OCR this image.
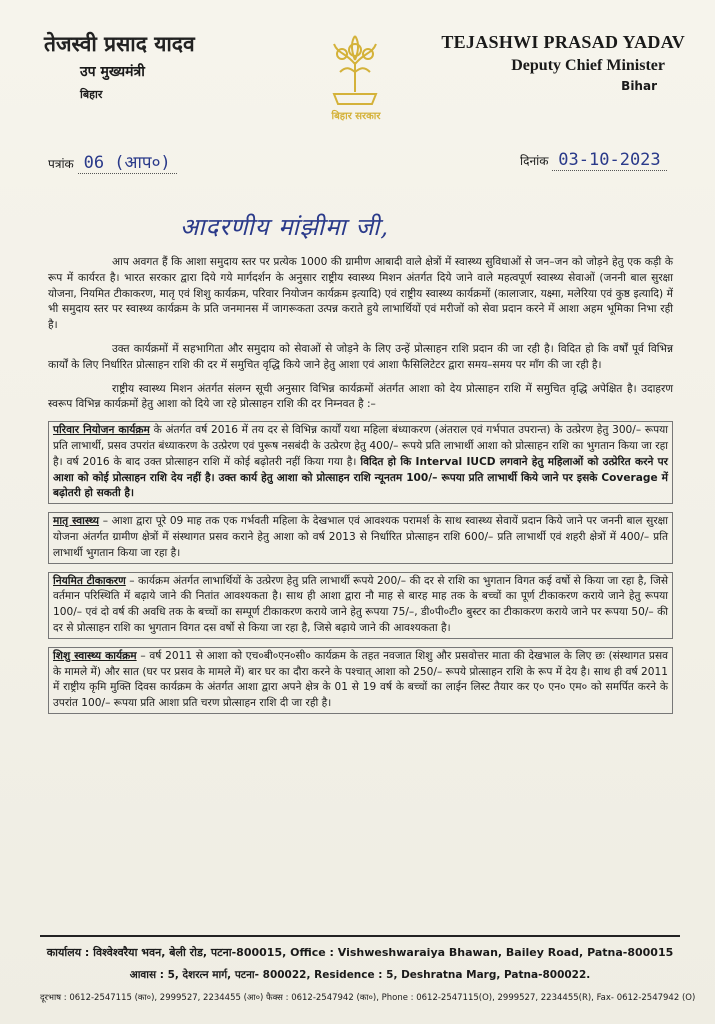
तेजस्वी प्रसाद यादव
उप मुख्यमंत्री
बिहार
बिहार सरकार
TEJASHWI PRASAD YADAV
Deputy Chief Minister
Bihar
पत्रांक 06 (आप०)	दिनांक 03-10-2023
आदरणीय मांझीमा जी,

आप अवगत हैं कि आशा समुदाय स्तर पर प्रत्येक 1000 की ग्रामीण आबादी वाले क्षेत्रों में स्वास्थ्य सुविधाओं से जन–जन को जोड़ने हेतु एक कड़ी के रूप में कार्यरत है। भारत सरकार द्वारा दिये गये मार्गदर्शन के अनुसार राष्ट्रीय स्वास्थ्य मिशन अंतर्गत दिये जाने वाले महत्वपूर्ण स्वास्थ्य सेवाओं (जननी बाल सुरक्षा योजना, नियमित टीकाकरण, मातृ एवं शिशु कार्यक्रम, परिवार नियोजन कार्यक्रम इत्यादि) एवं राष्ट्रीय स्वास्थ्य कार्यक्रमों (कालाजार, यक्ष्मा, मलेरिया एवं कुष्ठ इत्यादि) में भी समुदाय स्तर पर स्वास्थ्य कार्यक्रम के प्रति जनमानस में जागरूकता उत्पन्न कराते हुये लाभार्थियों एवं मरीजों को सेवा प्रदान करने में आशा अहम भूमिका निभा रही है।

उक्त कार्यक्रमों में सहभागिता और समुदाय को सेवाओं से जोड़ने के लिए उन्हें प्रोत्साहन राशि प्रदान की जा रही है। विदित हो कि वर्षों पूर्व विभिन्न कार्यों के लिए निर्धारित प्रोत्साहन राशि की दर में समुचित वृद्धि किये जाने हेतु आशा एवं आशा फैसिलिटेटर द्वारा समय–समय पर माँग की जा रही है।

राष्ट्रीय स्वास्थ्य मिशन अंतर्गत संलग्न सूची अनुसार विभिन्न कार्यक्रमों अंतर्गत आशा को देय प्रोत्साहन राशि में समुचित वृद्धि अपेक्षित है। उदाहरण स्वरूप विभिन्न कार्यक्रमों हेतु आशा को दिये जा रहे प्रोत्साहन राशि की दर निम्नवत है :–

परिवार नियोजन कार्यक्रम के अंतर्गत वर्ष 2016 में तय दर से विभिन्न कार्यों यथा महिला बंध्याकरण (अंतराल एवं गर्भपात उपरान्त) के उत्प्रेरण हेतु 300/– रूपया प्रति लाभार्थी, प्रसव उपरांत बंध्याकरण के उत्प्रेरण एवं पुरूष नसबंदी के उत्प्रेरण हेतु 400/– रूपये प्रति लाभार्थी आशा को प्रोत्साहन राशि का भुगतान किया जा रहा है। वर्ष 2016 के बाद उक्त प्रोत्साहन राशि में कोई बढ़ोतरी नहीं किया गया है। विदित हो कि Interval IUCD लगवाने हेतु महिलाओं को उत्प्रेरित करने पर आशा को कोई प्रोत्साहन राशि देय नहीं है। उक्त कार्य हेतु आशा को प्रोत्साहन राशि न्यूनतम 100/– रूपया प्रति लाभार्थी किये जाने पर इसके Coverage में बढ़ोतरी हो सकती है।

मातृ स्वास्थ्य – आशा द्वारा पूरे 09 माह तक एक गर्भवती महिला के देखभाल एवं आवश्यक परामर्श के साथ स्वास्थ्य सेवायें प्रदान किये जाने पर जननी बाल सुरक्षा योजना अंतर्गत ग्रामीण क्षेत्रों में संस्थागत प्रसव कराने हेतु आशा को वर्ष 2013 से निर्धारित प्रोत्साहन राशि 600/– प्रति लाभार्थी एवं शहरी क्षेत्रों में 400/– प्रति लाभार्थी भुगतान किया जा रहा है।

नियमित टीकाकरण – कार्यक्रम अंतर्गत लाभार्थियों के उत्प्रेरण हेतु प्रति लाभार्थी रूपये 200/– की दर से राशि का भुगतान विगत कई वर्षो से किया जा रहा है, जिसे वर्तमान परिस्थिति में बढ़ाये जाने की नितांत आवश्यकता है। साथ ही आशा द्वारा नौ माह से बारह माह तक के बच्चों का पूर्ण टीकाकरण कराये जाने हेतु रूपया 100/– एवं दो वर्ष की अवधि तक के बच्चों का सम्पूर्ण टीकाकरण कराये जाने हेतु रूपया 75/–, डी०पी०टी० बुस्टर का टीकाकरण कराये जाने पर रूपया 50/– की दर से प्रोत्साहन राशि का भुगतान विगत दस वर्षो से किया जा रहा है, जिसे बढ़ाये जाने की आवश्यकता है।

शिशु स्वास्थ्य कार्यक्रम – वर्ष 2011 से आशा को एच०बी०एन०सी० कार्यक्रम के तहत नवजात शिशु और प्रसवोत्तर माता की देखभाल के लिए छः (संस्थागत प्रसव के मामले में) और सात (घर पर प्रसव के मामले में) बार घर का दौरा करने के पश्चात् आशा को 250/– रूपये प्रोत्साहन राशि के रूप में देय है। साथ ही वर्ष 2011 में राष्ट्रीय कृमि मुक्ति दिवस कार्यक्रम के अंतर्गत आशा द्वारा अपने क्षेत्र के 01 से 19 वर्ष के बच्चों का लाईन लिस्ट तैयार कर ए० एन० एम० को समर्पित करने के उपरांत 100/– रूपया प्रति आशा प्रति चरण प्रोत्साहन राशि दी जा रही है।

कार्यालय : विश्वेश्वरैया भवन, बेली रोड, पटना-800015, Office : Vishweshwaraiya Bhawan, Bailey Road, Patna-800015
आवास : 5, देशरत्न मार्ग, पटना- 800022, Residence : 5, Deshratna Marg, Patna-800022.
दूरभाष : 0612-2547115 (का०), 2999527, 2234455 (आ०) फैक्स : 0612-2547942 (का०), Phone : 0612-2547115(O), 2999527, 2234455(R), Fax- 0612-2547942 (O)
